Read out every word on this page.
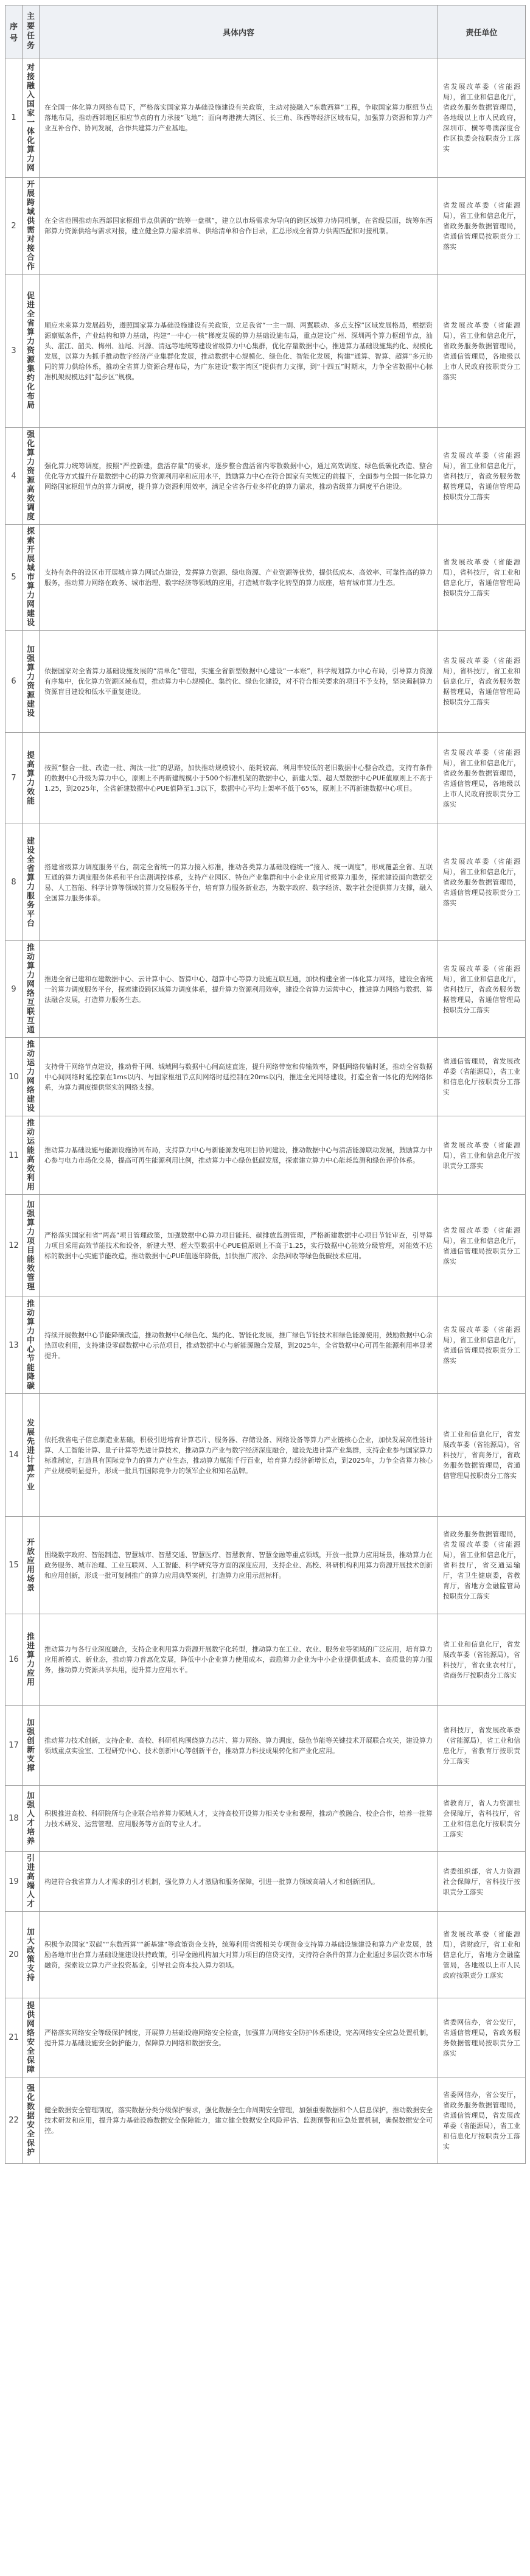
序号	主要任务	具体内容	责任单位
1	对接融入国家一体化算力网	在全国一体化算力网络布局下，严格落实国家算力基础设施建设有关政策，主动对接融入“东数西算”工程，争取国家算力枢纽节点落地布局，推动西部地区相应节点的有力承接“飞地”；面向粤港澳大湾区、长三角、珠西等经济区域布局，加强算力资源和算力产业互补合作、协同发展，合作共建算力产业基地。	省发展改革委（省能源局），省工业和信息化厅，省政务服务数据管理局，各地级以上市人民政府，深圳市、横琴粤澳深度合作区执委会按职责分工落实
2	开展跨域供需对接合作	在全省范围推动东西部国家枢纽节点供需的“统筹一盘棋”，建立以市场需求为导向的跨区域算力协同机制，在省级层面，统筹东西部算力资源供给与需求对接，建立健全算力需求清单、供给清单和合作目录，汇总形成全省算力供需匹配和对接机制。	省发展改革委（省能源局），省工业和信息化厅，省政务服务数据管理局，省通信管理局按职责分工落实
3	促进全省算力资源集约化布局	顺应未来算力发展趋势，遵照国家算力基础设施建设有关政策，立足我省“一主一副、两翼联动、多点支撑”区域发展格局，根据资源禀赋条件，产业结构和算力基础，构建“一中心一核”梯度发展的算力基础设施布局，重点建设广州、深圳两个算力枢纽节点，汕头、湛江、韶关、梅州、汕尾、河源、清远等地统筹建设省级算力中心集群，优化存量数据中心，推进算力基础设施集约化、规模化发展，以算力为抓手推动数字经济产业集群化发展，推动数据中心规模化、绿色化、智能化发展，构建“通算、智算、超算”多元协同的算力供给体系，推动全省算力资源合理布局，为广东建设“数字湾区”提供有力支撑，到“十四五”时期末，力争全省数据中心标准机架规模达到“起步区”规模。	省发展改革委（省能源局），省工业和信息化厅，省政务服务数据管理局，省通信管理局，各地级以上市人民政府按职责分工落实
4	强化算力资源高效调度	强化算力统筹调度，按照“严控新建，盘活存量”的要求，逐步整合盘活省内零散数据中心，通过高效调度、绿色低碳化改造、整合优化等方式提升存量数据中心的算力资源利用率和应用水平，鼓励算力中心在符合国家有关规定的前提下，全面参与全国一体化算力网络国家枢纽节点的算力调度，提升算力资源利用效率，满足全省各行业多样化的算力需求，推动省级算力调度平台建设。	省发展改革委（省能源局），省工业和信息化厅，省科技厅，省政务服务数据管理局，省通信管理局按职责分工落实
5	探索开展城市算力网建设	支持有条件的设区市开展城市算力网试点建设，发挥算力资源、绿电资源、产业资源等优势，提供低成本、高效率、可靠性高的算力服务，推动算力网络在政务、城市治理、数字经济等领域的应用，打造城市数字化转型的算力底座，培育城市算力生态。	省发展改革委（省能源局），省科技厅，省工业和信息化厅，省通信管理局按职责分工落实
6	加强算力资源建设	依据国家对全省算力基础设施发展的“清单化”管理，实施全省新型数据中心建设“一本账”，科学规划算力中心布局，引导算力资源有序集中，优化算力资源区域布局，推动算力中心规模化、集约化、绿色化建设，对不符合相关要求的项目不予支持，坚决遏制算力资源盲目建设和低水平重复建设。	省发展改革委（省能源局），省科技厅，省工业和信息化厅，省政务服务数据管理局，省通信管理局按职责分工落实
7	提高算力效能	按照“整合一批、改造一批、淘汰一批”的思路，加快推动规模较小、能耗较高、利用率较低的老旧数据中心整合改造，支持有条件的数据中心升级为算力中心，原则上不再新建规模小于500个标准机架的数据中心，新建大型、超大型数据中心PUE值原则上不高于1.25，到2025年，全省新建数据中心PUE值降至1.3以下，数据中心平均上架率不低于65%，原则上不再新建数据中心项目。	省发展改革委（省能源局），省工业和信息化厅，省政务服务数据管理局，省通信管理局，各地级以上市人民政府按职责分工落实
8	建设全省算力服务平台	搭建省级算力调度服务平台，制定全省统一的算力接入标准，推动各类算力基础设施统一“接入、统一调度”，形成覆盖全省、互联互通的算力调度服务体系和平台监测调控体系，支持产业园区、特色产业集群和中小企业应用省级算力服务，探索建设面向数据交易、人工智能、科学计算等领域的算力交易服务平台，培育算力服务新业态，为数字政府、数字经济、数字社会提供算力支撑，融入全国算力服务体系。	省发展改革委（省能源局），省工业和信息化厅，省政务服务数据管理局，省通信管理局按职责分工落实
9	推动算力网络互联互通	推进全省已建和在建数据中心、云计算中心、智算中心、超算中心等算力设施互联互通，加快构建全省一体化算力网络，建设全省统一的算力调度服务平台，探索建设跨区域算力调度体系，提升算力资源利用效率，建设全省算力运营中心，推进算力网络与数据、算法融合发展，打造算力服务生态。	省发展改革委（省能源局），省工业和信息化厅，省科技厅，省政务服务数据管理局，省通信管理局按职责分工落实
10	推动运力网络建设	支持骨干网络节点建设，推动骨干网、城域网与数据中心间高速直连，提升网络带宽和传输效率，降低网络传输时延，推动全省数据中心间网络时延控制在1ms以内、与国家枢纽节点间网络时延控制在20ms以内，推进全光网络建设，打造全省一体化的光网络体系，为算力调度提供坚实的网络支撑。	省通信管理局，省发展改革委（省能源局），省工业和信息化厅按职责分工落实
11	推动运能高效利用	推动算力基础设施与能源设施协同布局，支持算力中心与新能源发电项目协同建设，推动数据中心与清洁能源联动发展，鼓励算力中心参与电力市场化交易，提高可再生能源利用比例，推动算力中心绿色低碳发展，探索建立算力中心能耗监测和绿色评价体系。	省发展改革委（省能源局），省工业和信息化厅按职责分工落实
12	加强算力项目能效管理	严格落实国家和省“两高”项目管理政策，加强数据中心算力项目能耗、碳排放监测管理，严格新建数据中心项目节能审查，引导算力项目采用高效节能技术和设备，新建大型、超大型数据中心PUE值原则上不高于1.25，实行数据中心能效分级管理，对能效不达标的数据中心实施节能改造，推动数据中心PUE值逐年降低，加快推广液冷、余热回收等绿色低碳技术应用。	省发展改革委（省能源局），省工业和信息化厅，省通信管理局按职责分工落实
13	推动算力中心节能降碳	持续开展数据中心节能降碳改造，推动数据中心绿色化、集约化、智能化发展，推广绿色节能技术和绿色能源使用，鼓励数据中心余热回收利用，支持建设零碳数据中心示范项目，推动数据中心与新能源融合发展，到2025年，全省数据中心可再生能源利用率显著提升。	省发展改革委（省能源局），省工业和信息化厅，省通信管理局按职责分工落实
14	发展先进计算产业	依托我省电子信息制造业基础，积极引进培育计算芯片、服务器、存储设备、网络设备等算力产业链核心企业，加快发展高性能计算、人工智能计算、量子计算等先进计算技术，推动算力产业与数字经济深度融合，建设先进计算产业集群，支持企业参与国家算力标准制定，打造具有国际竞争力的算力产业生态，推动算力赋能千行百业，培育算力经济新增长点，到2025年，力争全省算力核心产业规模明显提升，形成一批具有国际竞争力的领军企业和知名品牌。	省工业和信息化厅，省发展改革委（省能源局），省科技厅，省商务厅，省政务服务数据管理局，省通信管理局按职责分工落实
15	开放应用场景	围绕数字政府、智能制造、智慧城市、智慧交通、智慧医疗、智慧教育、智慧金融等重点领域，开放一批算力应用场景，推动算力在政务服务、城市治理、工业互联网、人工智能、科学研究等方面的深度应用，支持企业、高校、科研机构利用算力资源开展技术创新和应用创新，形成一批可复制推广的算力应用典型案例，打造算力应用示范标杆。	省政务服务数据管理局，省发展改革委（省能源局），省工业和信息化厅，省科技厅，省交通运输厅，省卫生健康委，省教育厅，省地方金融监管局按职责分工落实
16	推进算力应用	推动算力与各行业深度融合，支持企业利用算力资源开展数字化转型，推动算力在工业、农业、服务业等领域的广泛应用，培育算力应用新模式、新业态，推动算力普惠化发展，降低中小企业算力使用成本，鼓励算力企业为中小企业提供低成本、高质量的算力服务，推动算力资源共享共用，提升算力应用水平。	省工业和信息化厅，省发展改革委（省能源局），省科技厅，省农业农村厅，省商务厅按职责分工落实
17	加强创新支撑	推动算力技术创新，支持企业、高校、科研机构围绕算力芯片、算力网络、算力调度、绿色节能等关键技术开展联合攻关，建设算力领域重点实验室、工程研究中心、技术创新中心等创新平台，推动算力科技成果转化和产业化应用。	省科技厅，省发展改革委（省能源局），省工业和信息化厅，省教育厅按职责分工落实
18	加强人才培养	积极推进高校、科研院所与企业联合培养算力领域人才，支持高校开设算力相关专业和课程，推动产教融合、校企合作，培养一批算力技术研发、运营管理、应用服务等方面的专业人才。	省教育厅，省人力资源社会保障厅，省科技厅，省工业和信息化厅按职责分工落实
19	引进高端人才	构建符合我省算力人才需求的引才机制，强化算力人才激励和服务保障，引进一批算力领域高端人才和创新团队。	省委组织部，省人力资源社会保障厅，省科技厅按职责分工落实
20	加大政策支持	积极争取国家“双碳”“东数西算”“新基建”等政策资金支持，统筹利用省级相关专项资金支持算力基础设施建设和算力产业发展，鼓励各地市出台算力基础设施建设扶持政策，引导金融机构加大对算力项目的信贷支持，支持符合条件的算力企业通过多层次资本市场融资，探索设立算力产业投资基金，引导社会资本投入算力领域。	省发展改革委（省能源局），省财政厅，省工业和信息化厅，省地方金融监管局，各地级以上市人民政府按职责分工落实
21	提供网络安全保障	严格落实网络安全等级保护制度，开展算力基础设施网络安全检查，加强算力网络安全防护体系建设，完善网络安全应急处置机制，提升算力基础设施安全防护能力，保障算力网络和数据安全。	省委网信办，省公安厅，省通信管理局，省政务服务数据管理局按职责分工落实
22	强化数据安全保护	健全数据安全管理制度，落实数据分类分级保护要求，强化数据全生命周期安全管理，加强重要数据和个人信息保护，推动数据安全技术研发和应用，提升算力基础设施数据安全保障能力，建立健全数据安全风险评估、监测预警和应急处置机制，确保数据安全可控。	省委网信办，省公安厅，省政务服务数据管理局，省通信管理局，省发展改革委（省能源局），省工业和信息化厅按职责分工落实
